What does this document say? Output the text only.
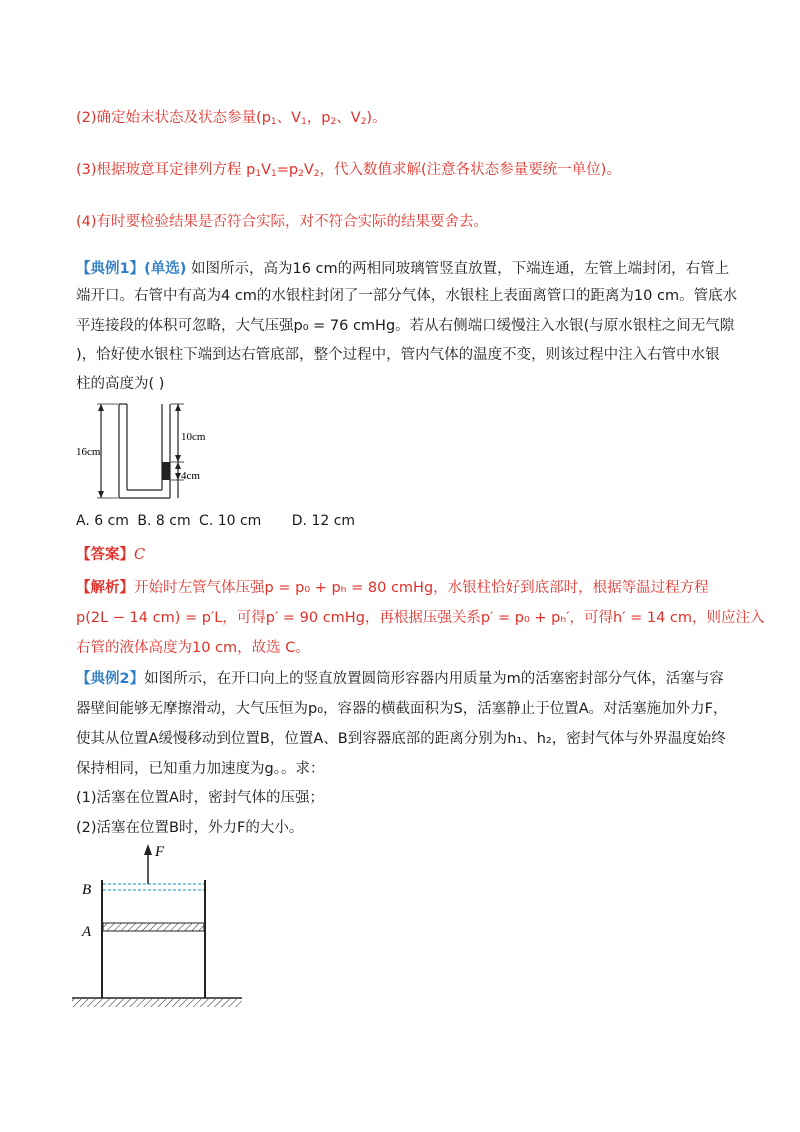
(2)确定始末状态及状态参量($p_1$、$V_1$，$p_2$、$V_2$)。
(3)根据玻意耳定律列方程 $p_1V_1=p_2V_2$，代入数值求解(注意各状态参量要统一单位)。
(4)有时要检验结果是否符合实际，对不符合实际的结果要舍去。
【典例1】(单选) 如图所示，高为16 cm的两相同玻璃管竖直放置，下端连通，左管上端封闭，右管上
端开口。右管中有高为4 cm的水银柱封闭了一部分气体，水银柱上表面离管口的距离为10 cm。管底水
平连接段的体积可忽略，大气压强p₀ = 76 cmHg。若从右侧端口缓慢注入水银(与原水银柱之间无气隙
)，恰好使水银柱下端到达右管底部，整个过程中，管内气体的温度不变，则该过程中注入右管中水银
柱的高度为( )
16cm
10cm
4cm
A. 6 cm B. 8 cm C. 10 cm D. 12 cm
【答案】C
【解析】开始时左管气体压强p = p₀ + pₕ = 80 cmHg，水银柱恰好到底部时，根据等温过程方程
p(2L − 14 cm) = p′L，可得p′ = 90 cmHg，再根据压强关系p′ = p₀ + pₕ′，可得h′ = 14 cm，则应注入
右管的液体高度为10 cm，故选 C。
【典例2】如图所示，在开口向上的竖直放置圆筒形容器内用质量为m的活塞密封部分气体，活塞与容
器壁间能够无摩擦滑动，大气压恒为p₀，容器的横截面积为S，活塞静止于位置A。对活塞施加外力F，
使其从位置A缓慢移动到位置B，位置A、B到容器底部的距离分别为h₁、h₂，密封气体与外界温度始终
保持相同，已知重力加速度为g。。求：
(1)活塞在位置A时，密封气体的压强；
(2)活塞在位置B时，外力F的大小。
F
B
A
